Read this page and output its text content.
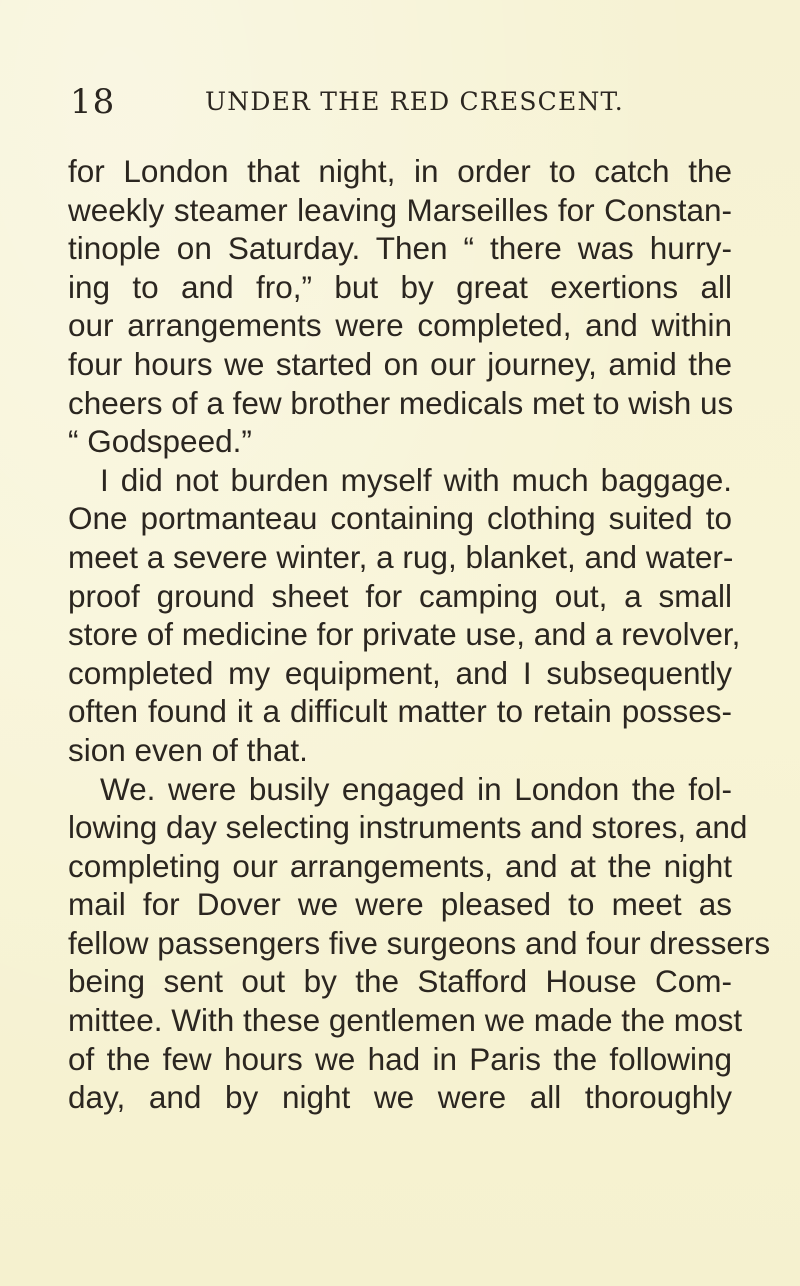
18	UNDER THE RED CRESCENT.
for London that night, in order to catch the
weekly steamer leaving Marseilles for Constan-
tinople on Saturday. Then “ there was hurry-
ing to and fro,” but by great exertions all
our arrangements were completed, and within
four hours we started on our journey, amid the
cheers of a few brother medicals met to wish us
“ Godspeed.”
I did not burden myself with much baggage.
One portmanteau containing clothing suited to
meet a severe winter, a rug, blanket, and water-
proof ground sheet for camping out, a small
store of medicine for private use, and a revolver,
completed my equipment, and I subsequently
often found it a difficult matter to retain posses-
sion even of that.
We. were busily engaged in London the fol-
lowing day selecting instruments and stores, and
completing our arrangements, and at the night
mail for Dover we were pleased to meet as
fellow passengers five surgeons and four dressers
being sent out by the Stafford House Com-
mittee. With these gentlemen we made the most
of the few hours we had in Paris the following
day, and by night we were all thoroughly
